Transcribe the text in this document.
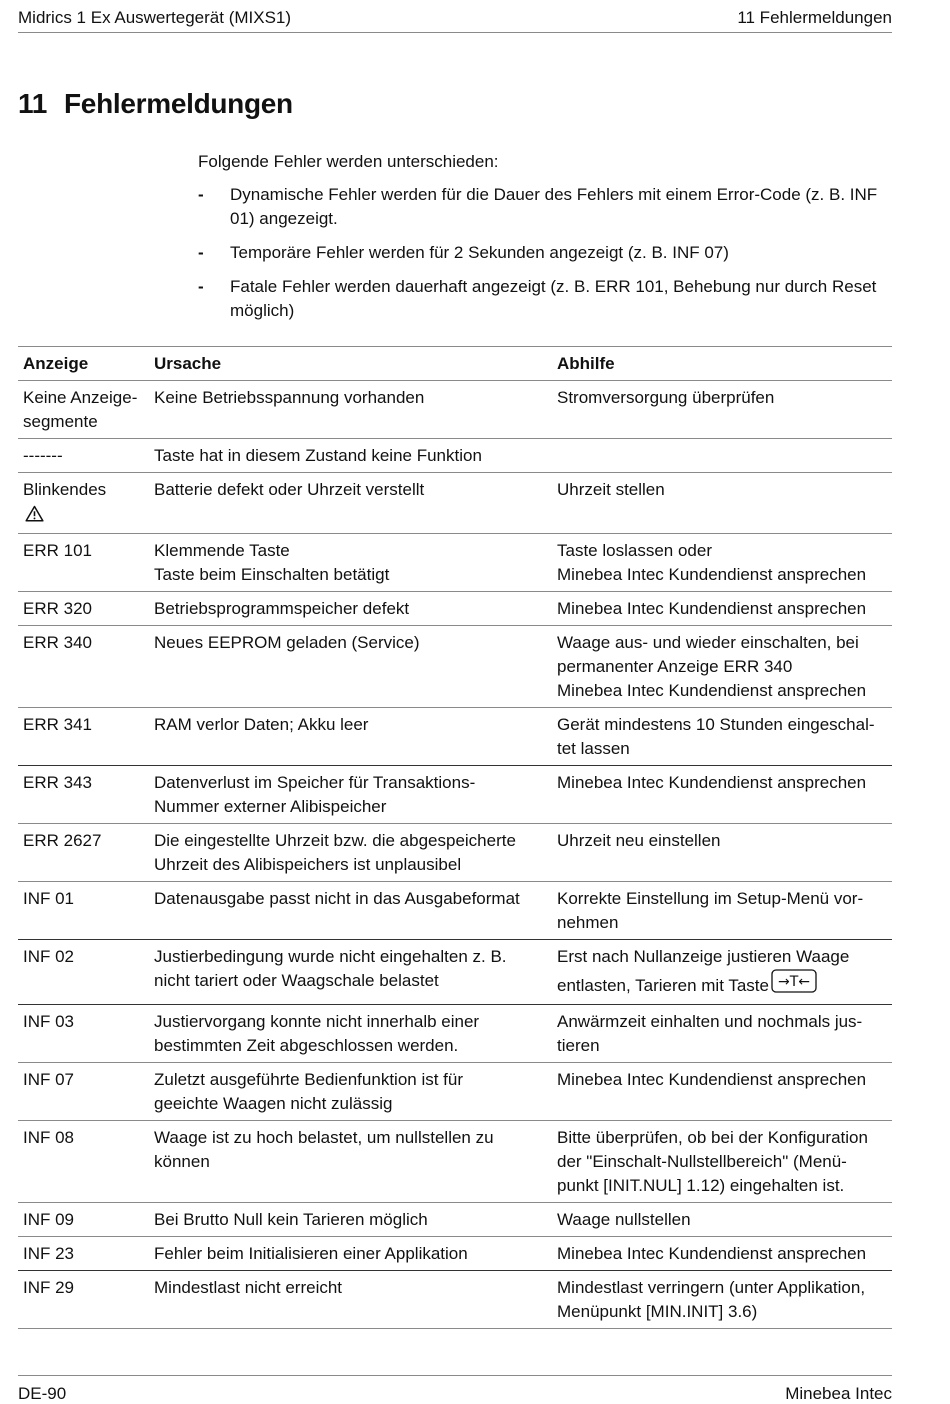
Midrics 1 Ex Auswertegerät (MIXS1)	11 Fehlermeldungen
11 Fehlermeldungen

Folgende Fehler werden unterschieden:

- Dynamische Fehler werden für die Dauer des Fehlers mit einem Error-Code (z. B. INF 01) angezeigt.
- Temporäre Fehler werden für 2 Sekunden angezeigt (z. B. INF 07)
- Fatale Fehler werden dauerhaft angezeigt (z. B. ERR 101, Behebung nur durch Reset möglich)
Anzeige	Ursache	Abhilfe

Keine Anzeige-
segmente	Keine Betriebsspannung vorhanden	Stromversorgung überprüfen

-------	Taste hat in diesem Zustand keine Funktion	

Blinkendes	Batterie defekt oder Uhrzeit verstellt	Uhrzeit stellen

ERR 101	Klemmende Taste
Taste beim Einschalten betätigt	Taste loslassen oder
Minebea Intec Kundendienst ansprechen

ERR 320	Betriebsprogrammspeicher defekt	Minebea Intec Kundendienst ansprechen

ERR 340	Neues EEPROM geladen (Service)	Waage aus- und wieder einschalten, bei
permanenter Anzeige ERR 340
Minebea Intec Kundendienst ansprechen

ERR 341	RAM verlor Daten; Akku leer	Gerät mindestens 10 Stunden eingeschal-
tet lassen

ERR 343	Datenverlust im Speicher für Transaktions-
Nummer externer Alibispeicher	Minebea Intec Kundendienst ansprechen

ERR 2627	Die eingestellte Uhrzeit bzw. die abgespeicherte
Uhrzeit des Alibispeichers ist unplausibel	Uhrzeit neu einstellen

INF 01	Datenausgabe passt nicht in das Ausgabeformat	Korrekte Einstellung im Setup-Menü vor-
nehmen

INF 02	Justierbedingung wurde nicht eingehalten z. B.
nicht tariert oder Waagschale belastet	Erst nach Nullanzeige justieren Waage
entlasten, Tarieren mit Taste →T←

INF 03	Justiervorgang konnte nicht innerhalb einer
bestimmten Zeit abgeschlossen werden.	Anwärmzeit einhalten und nochmals jus-
tieren

INF 07	Zuletzt ausgeführte Bedienfunktion ist für
geeichte Waagen nicht zulässig	Minebea Intec Kundendienst ansprechen

INF 08	Waage ist zu hoch belastet, um nullstellen zu
können	Bitte überprüfen, ob bei der Konfiguration
der "Einschalt-Nullstellbereich" (Menü-
punkt [INIT.NUL] 1.12) eingehalten ist.

INF 09	Bei Brutto Null kein Tarieren möglich	Waage nullstellen

INF 23	Fehler beim Initialisieren einer Applikation	Minebea Intec Kundendienst ansprechen

INF 29	Mindestlast nicht erreicht	Mindestlast verringern (unter Applikation,
Menüpunkt [MIN.INIT] 3.6)
DE-90	Minebea Intec
